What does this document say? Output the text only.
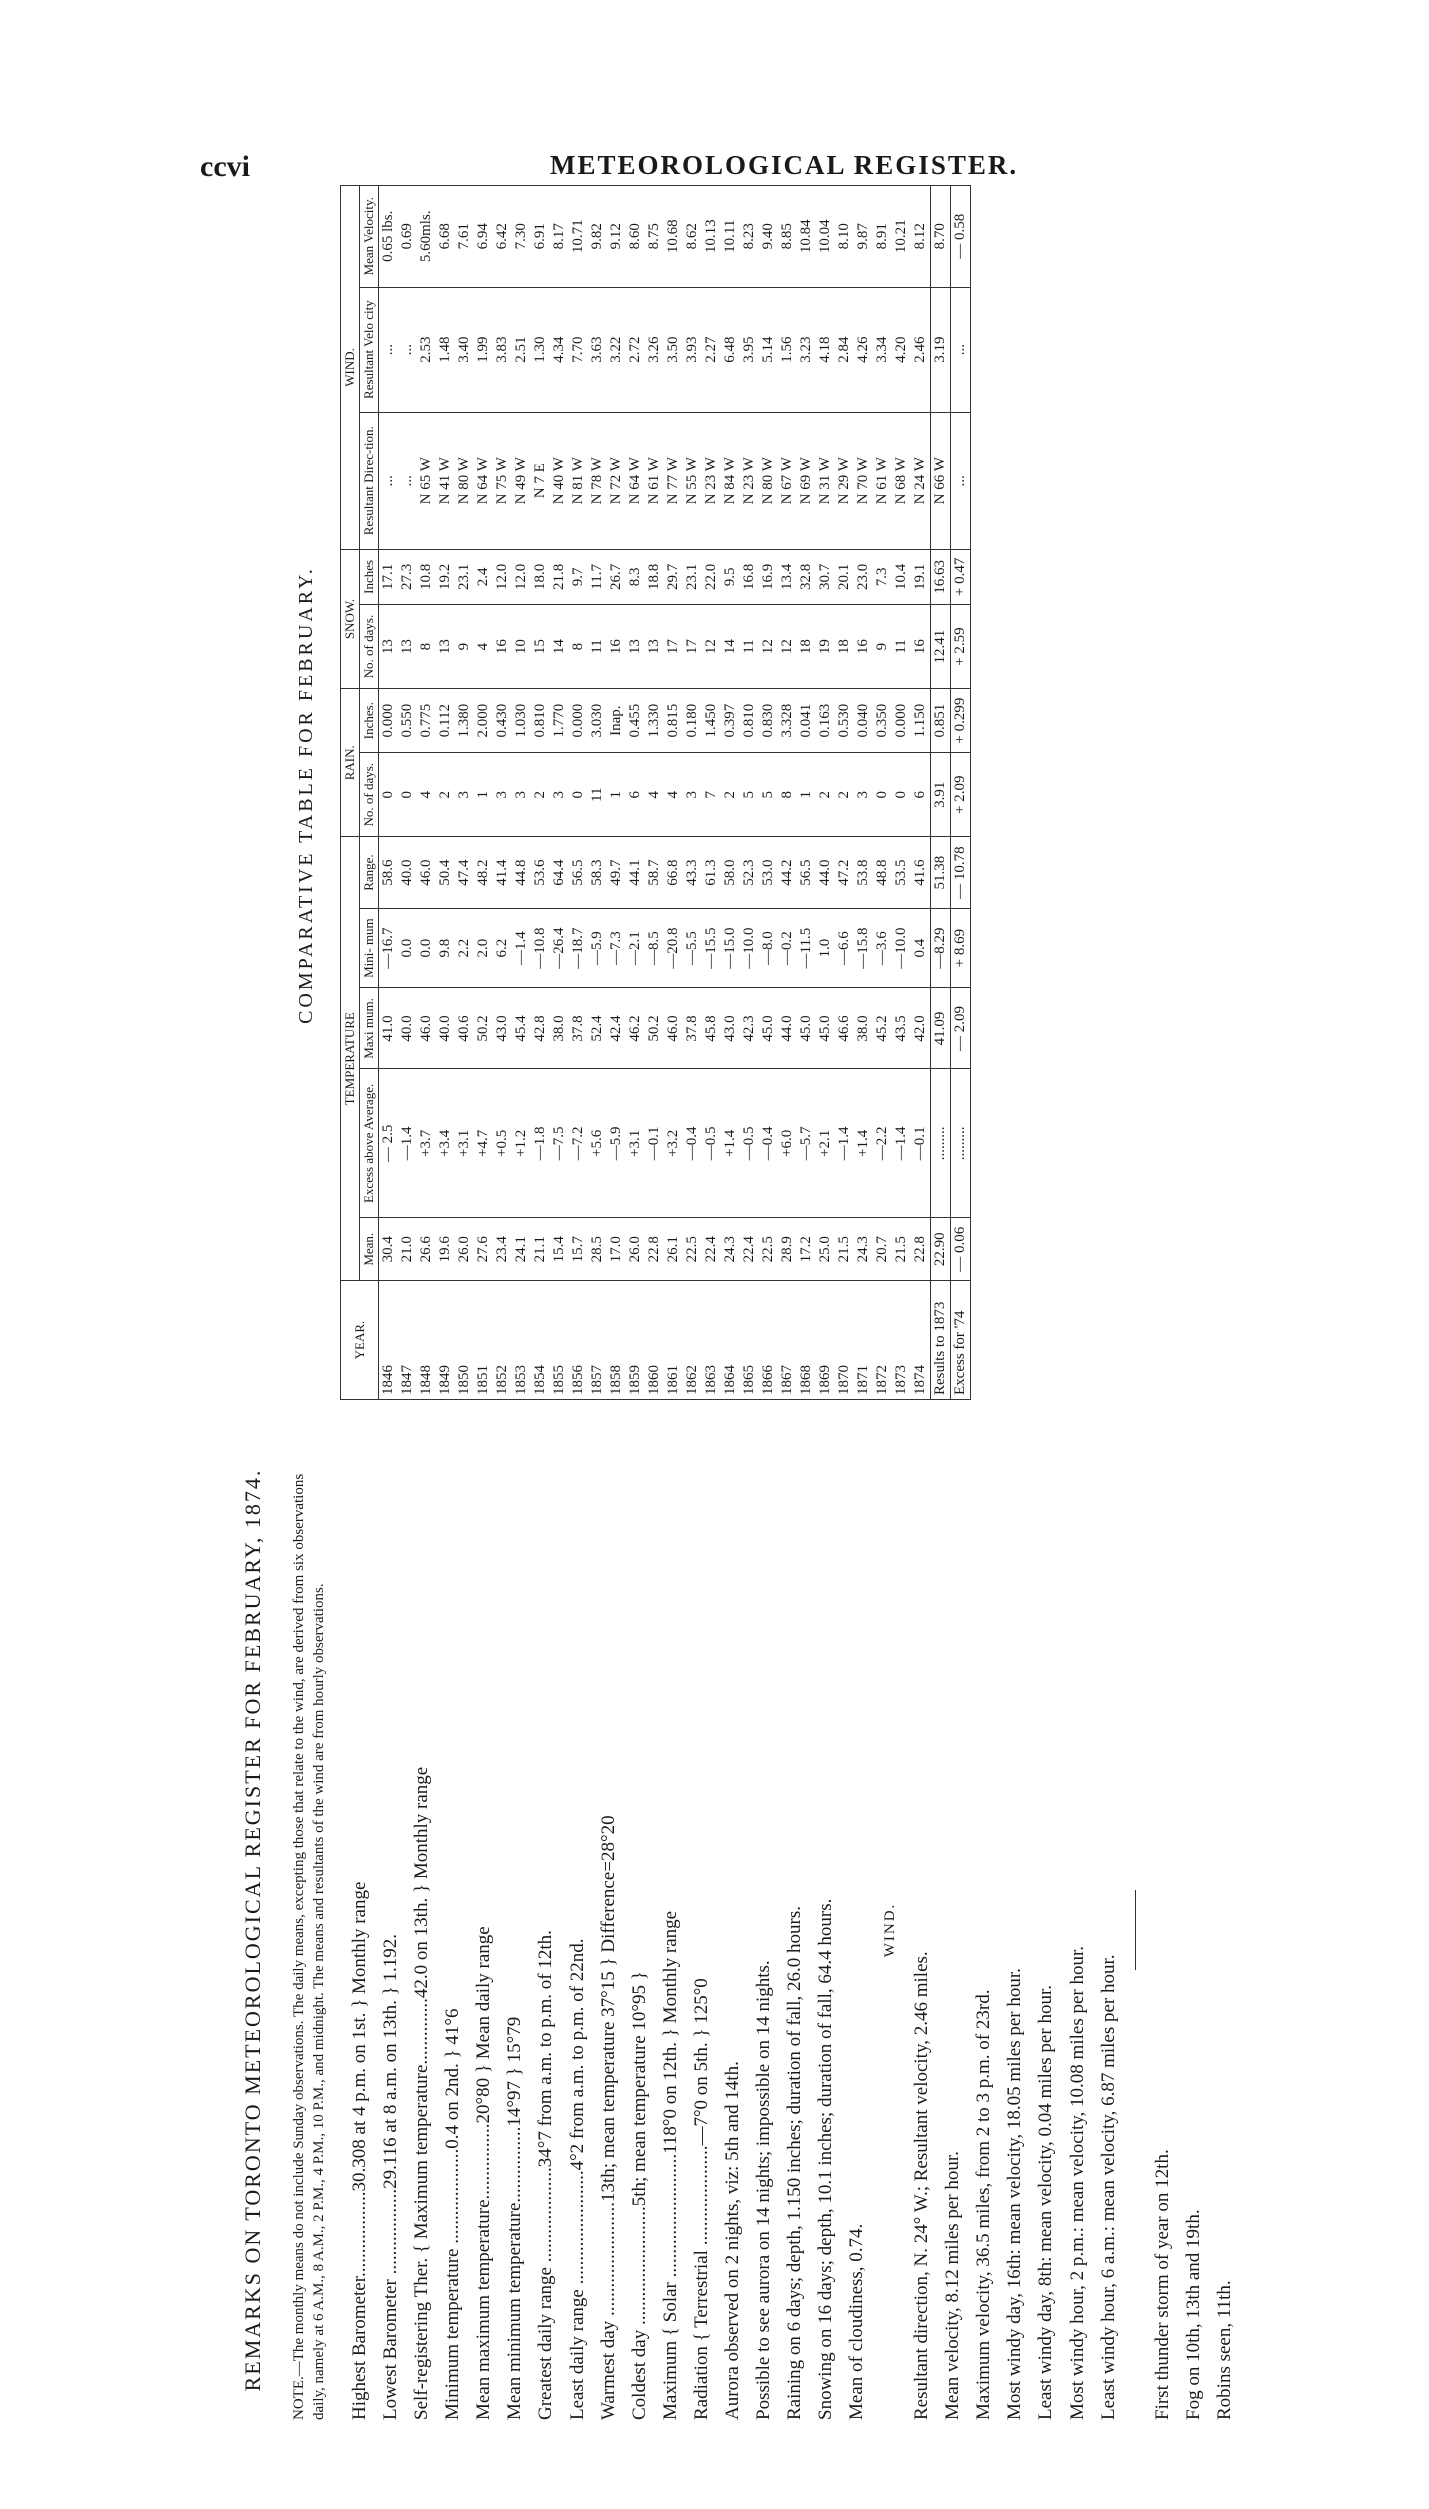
ccvi	METEOROLOGICAL REGISTER.
REMARKS ON TORONTO METEOROLOGICAL REGISTER FOR FEBRUARY, 1874. NOTE.—The monthly means do not include Sunday observations. The daily means, excepting those that relate to the wind, are derived from six observations daily, namely at 6 A.M., 8 A.M., 2 P.M., 4 P.M., 10 P.M., and midnight. The means and resultants of the wind are from hourly observations. Highest Barometer..................30.308 at 4 p.m. on 1st. } Monthly range Lowest Barometer ..................29.116 at 8 a.m. on 13th. } 1.192. Self-registering Ther. { Maximum temperature..............42.0 on 13th. } Monthly range Minimum temperature ....................0.4 on 2nd. } 41°6 Mean maximum temperature................20°80 } Mean daily range Mean minimum temperature................14°97 } 15°79 Greatest daily range ....................34°7 from a.m. to p.m. of 12th. Least daily range ........................4°2 from a.m. to p.m. of 22nd. Warmest day ........................13th; mean temperature 37°15 } Difference=28°20 Coldest day .........................5th; mean temperature 10°95 } Maximum { Solar ..........................118°0 on 12th. } Monthly range Radiation { Terrestrial .....................—7°0 on 5th. } 125°0 Aurora observed on 2 nights, viz: 5th and 14th. Possible to see aurora on 14 nights; impossible on 14 nights. Raining on 6 days; depth, 1.150 inches; duration of fall, 26.0 hours. Snowing on 16 days; depth, 10.1 inches; duration of fall, 64.4 hours. Mean of cloudiness, 0.74.

WIND.

Resultant direction, N. 24° W.; Resultant velocity, 2.46 miles. Mean velocity, 8.12 miles per hour. Maximum velocity, 36.5 miles, from 2 to 3 p.m. of 23rd. Most windy day, 16th: mean velocity, 18.05 miles per hour. Least windy day, 8th: mean velocity, 0.04 miles per hour. Most windy hour, 2 p.m.: mean velocity, 10.08 miles per hour. Least windy hour, 6 a.m.: mean velocity, 6.87 miles per hour. First thunder storm of year on 12th. Fog on 10th, 13th and 19th. Robins seen, 11th.

COMPARATIVE TABLE FOR FEBRUARY.
YEAR.	TEMPERATURE					RAIN.		SNOW.		WIND.		
	Mean.	Excess above Average.	Maxi mum.	Mini- mum	Range.	No. of days.	Inches.	No. of days.	Inches	Resultant Direc-tion.	Resultant Velo city	Mean Velocity.
1846	30.4	— 2.5	41.0	—16.7	58.6	0	0.000	13	17.1	...	...	0.65 lbs.
1847	21.0	—1.4	40.0	0.0	40.0	0	0.550	13	27.3	...	...	0.69
1848	26.6	+3.7	46.0	0.0	46.0	4	0.775	8	10.8	N 65 W	2.53	5.60mls.
1849	19.6	+3.4	40.0	9.8	50.4	2	0.112	13	19.2	N 41 W	1.48	6.68
1850	26.0	+3.1	40.6	2.2	47.4	3	1.380	9	23.1	N 80 W	3.40	7.61
1851	27.6	+4.7	50.2	2.0	48.2	1	2.000	4	2.4	N 64 W	1.99	6.94
1852	23.4	+0.5	43.0	6.2	41.4	3	0.430	16	12.0	N 75 W	3.83	6.42
1853	24.1	+1.2	45.4	—1.4	44.8	3	1.030	10	12.0	N 49 W	2.51	7.30
1854	21.1	—1.8	42.8	—10.8	53.6	2	0.810	15	18.0	N 7 E	1.30	6.91
1855	15.4	—7.5	38.0	—26.4	64.4	3	1.770	14	21.8	N 40 W	4.34	8.17
1856	15.7	—7.2	37.8	—18.7	56.5	0	0.000	8	9.7	N 81 W	7.70	10.71
1857	28.5	+5.6	52.4	—5.9	58.3	11	3.030	11	11.7	N 78 W	3.63	9.82
1858	17.0	—5.9	42.4	—7.3	49.7	1	Inap.	16	26.7	N 72 W	3.22	9.12
1859	26.0	+3.1	46.2	—2.1	44.1	6	0.455	13	8.3	N 64 W	2.72	8.60
1860	22.8	—0.1	50.2	—8.5	58.7	4	1.330	13	18.8	N 61 W	3.26	8.75
1861	26.1	+3.2	46.0	—20.8	66.8	4	0.815	17	29.7	N 77 W	3.50	10.68
1862	22.5	—0.4	37.8	—5.5	43.3	3	0.180	17	23.1	N 55 W	3.93	8.62
1863	22.4	—0.5	45.8	—15.5	61.3	7	1.450	12	22.0	N 23 W	2.27	10.13
1864	24.3	+1.4	43.0	—15.0	58.0	2	0.397	14	9.5	N 84 W	6.48	10.11
1865	22.4	—0.5	42.3	—10.0	52.3	5	0.810	11	16.8	N 23 W	3.95	8.23
1866	22.5	—0.4	45.0	—8.0	53.0	5	0.830	12	16.9	N 80 W	5.14	9.40
1867	28.9	+6.0	44.0	—0.2	44.2	8	3.328	12	13.4	N 67 W	1.56	8.85
1868	17.2	—5.7	45.0	—11.5	56.5	1	0.041	18	32.8	N 69 W	3.23	10.84
1869	25.0	+2.1	45.0	1.0	44.0	2	0.163	19	30.7	N 31 W	4.18	10.04
1870	21.5	—1.4	46.6	—6.6	47.2	2	0.530	18	20.1	N 29 W	2.84	8.10
1871	24.3	+1.4	38.0	—15.8	53.8	3	0.040	16	23.0	N 70 W	4.26	9.87
1872	20.7	—2.2	45.2	—3.6	48.8	0	0.350	9	7.3	N 61 W	3.34	8.91
1873	21.5	—1.4	43.5	—10.0	53.5	0	0.000	11	10.4	N 68 W	4.20	10.21
1874	22.8	—0.1	42.0	0.4	41.6	6	1.150	16	19.1	N 24 W	2.46	8.12
Results to 1873	22.90	.........	41.09	—8.29	51.38	3.91	0.851	12.41	16.63	N 66 W	3.19	8.70
Excess for '74	— 0.06	.........	— 2.09	+ 8.69	— 10.78	+ 2.09	+ 0.299	+ 2.59	+ 0.47	...	...	— 0.58
